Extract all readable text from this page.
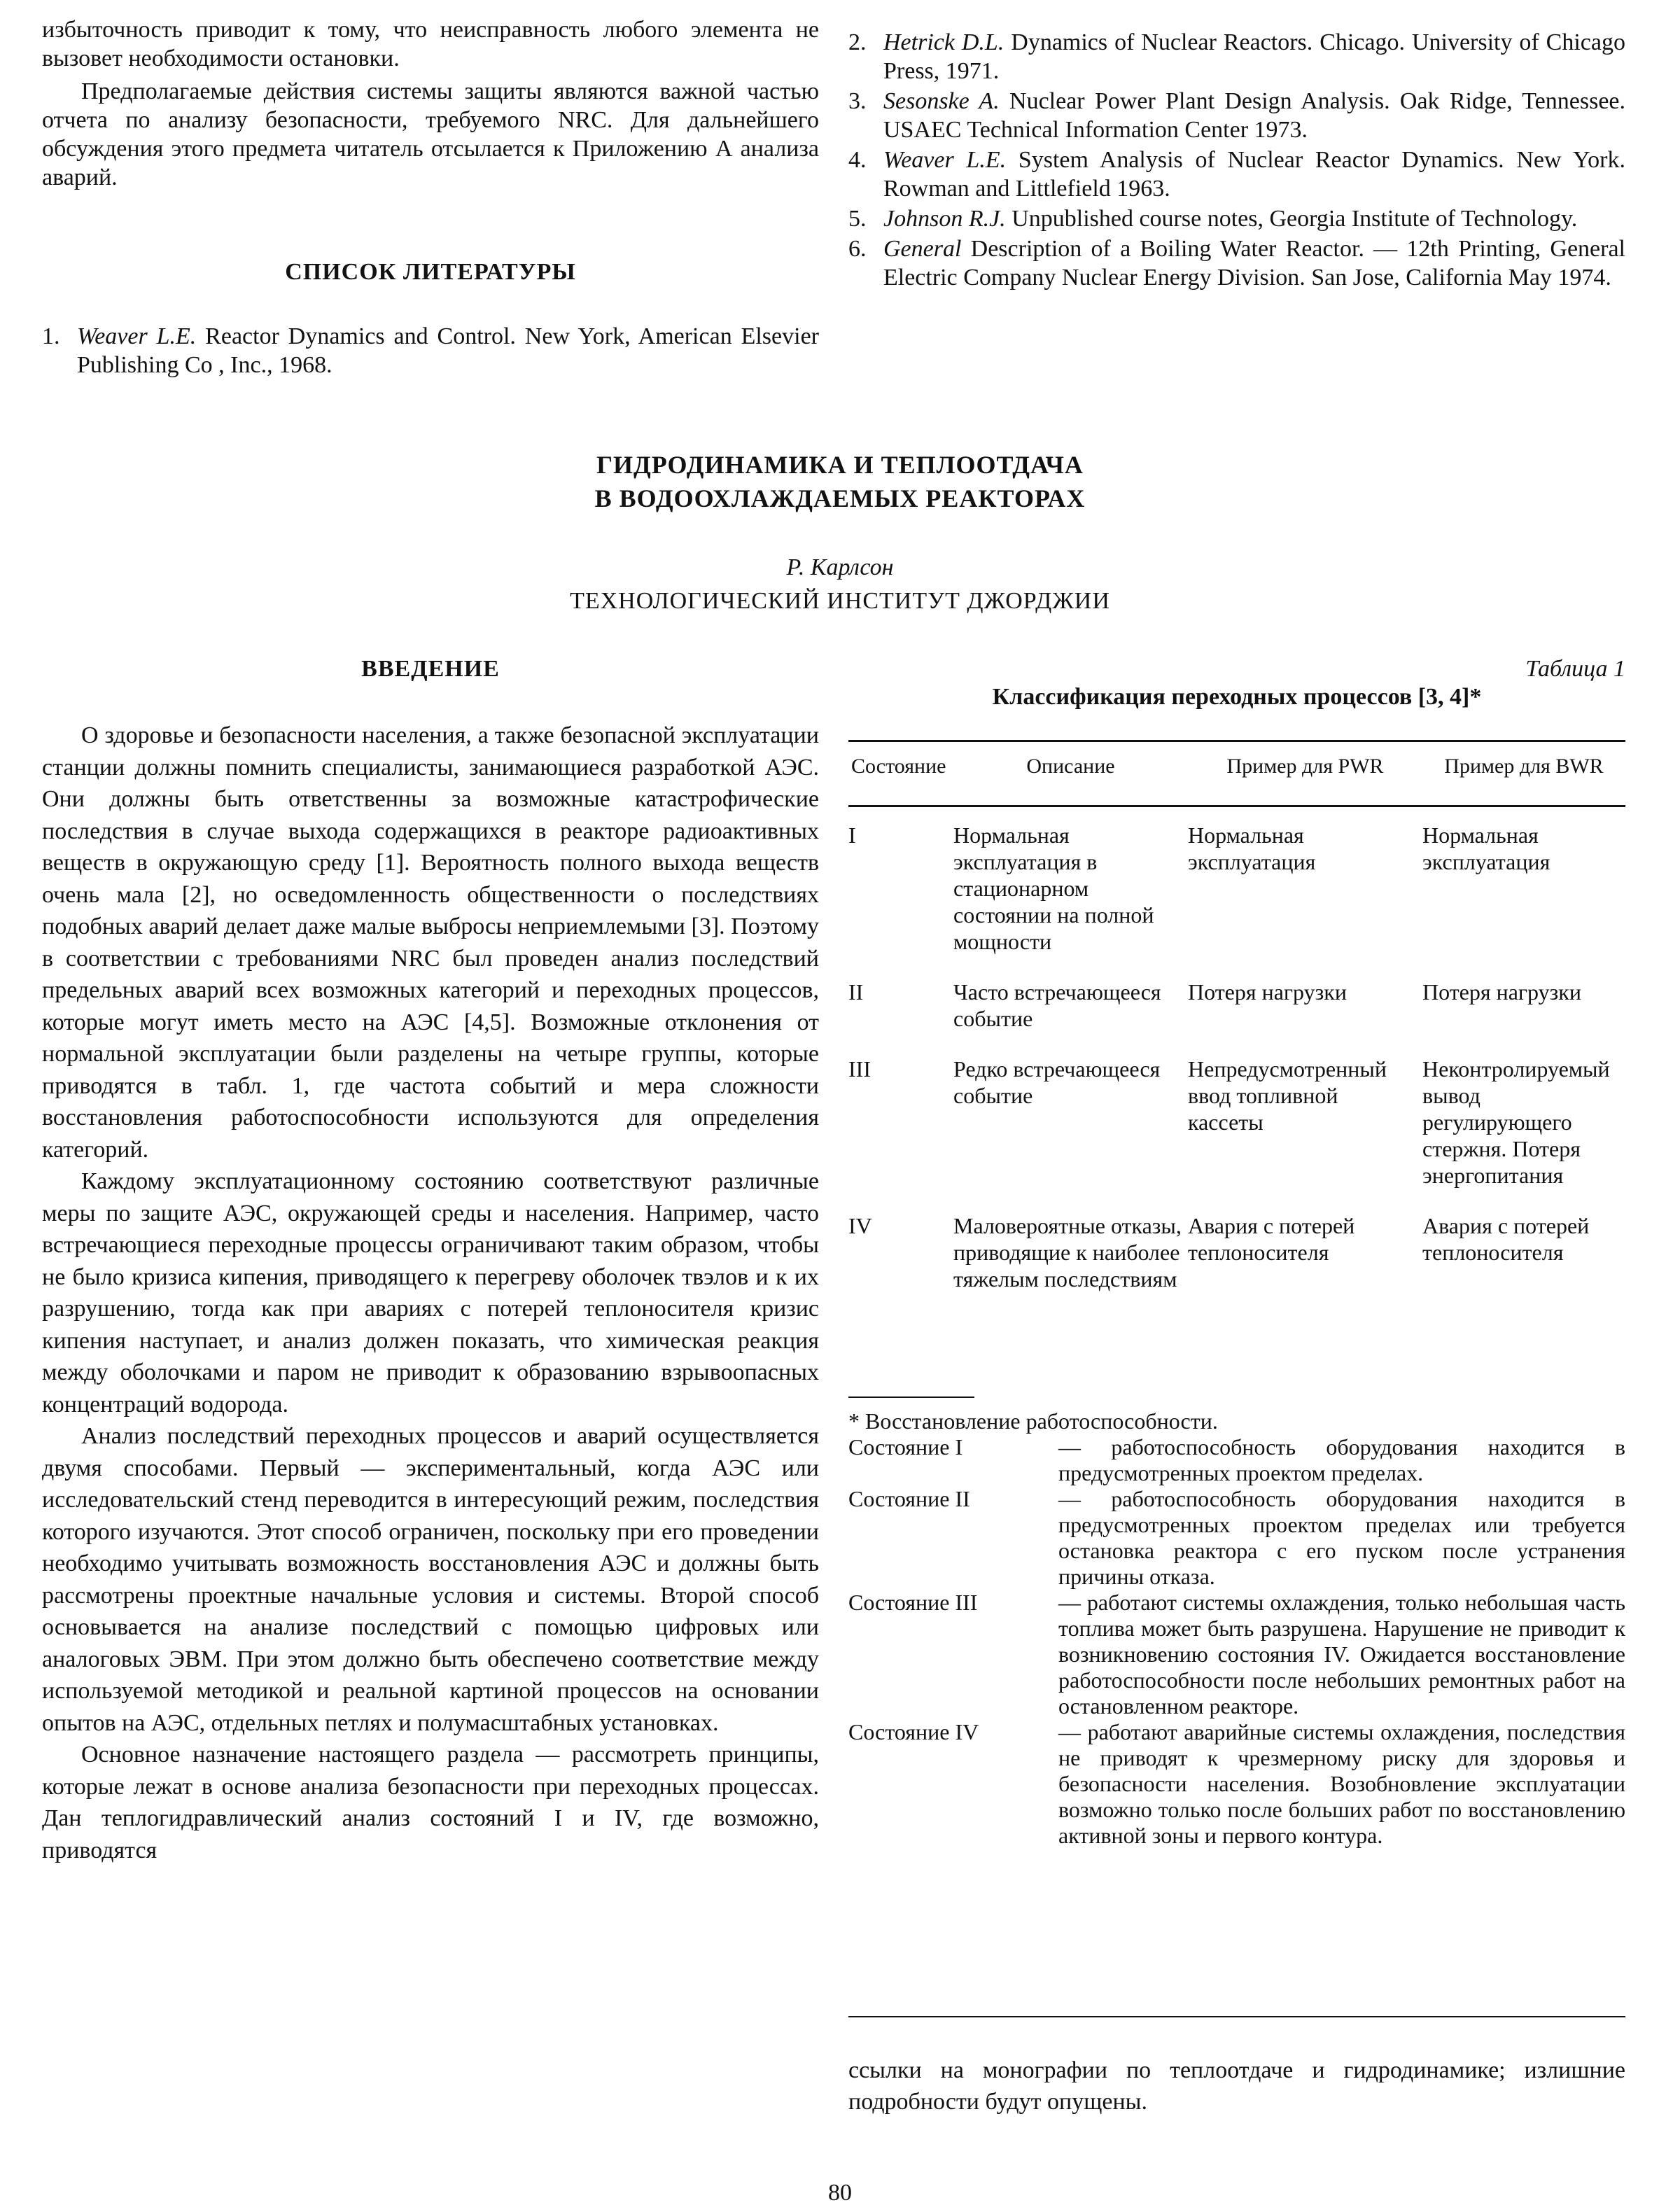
избыточность приводит к тому, что неисправность любого элемента не вызовет необходимости остановки.

Предполагаемые действия системы защиты являются важной частью отчета по анализу безопасности, требуемого NRC. Для дальнейшего обсуждения этого предмета читатель отсылается к Приложению А анализа аварий.

СПИСОК ЛИТЕРАТУРЫ
1. Weaver L.E. Reactor Dynamics and Control. New York, American Elsevier Publishing Co , Inc., 1968.
2. Hetrick D.L. Dynamics of Nuclear Reactors. Chicago. University of Chicago Press, 1971.
3. Sesonske A. Nuclear Power Plant Design Analysis. Oak Ridge, Tennessee. USAEC Technical Information Center 1973.
4. Weaver L.E. System Analysis of Nuclear Reactor Dynamics. New York. Rowman and Littlefield 1963.
5. Johnson R.J. Unpublished course notes, Georgia Institute of Technology.
6. General Description of a Boiling Water Reactor. — 12th Printing, General Electric Company Nuclear Energy Division. San Jose, California May 1974.
ГИДРОДИНАМИКА И ТЕПЛООТДАЧА
В ВОДООХЛАЖДАЕМЫХ РЕАКТОРАХ
Р. Карлсон
ТЕХНОЛОГИЧЕСКИЙ ИНСТИТУТ ДЖОРДЖИИ
ВВЕДЕНИЕ

О здоровье и безопасности населения, а также безопасной эксплуатации станции должны помнить специалисты, занимающиеся разработкой АЭС. Они должны быть ответственны за возможные катастрофические последствия в случае выхода содержащихся в реакторе радиоактивных веществ в окружающую среду [1]. Вероятность полного выхода веществ очень мала [2], но осведомленность общественности о последствиях подобных аварий делает даже малые выбросы неприемлемыми [3]. Поэтому в соответствии с требованиями NRC был проведен анализ последствий предельных аварий всех возможных категорий и переходных процессов, которые могут иметь место на АЭС [4,5]. Возможные отклонения от нормальной эксплуатации были разделены на четыре группы, которые приводятся в табл. 1, где частота событий и мера сложности восстановления работоспособности используются для определения категорий.

Каждому эксплуатационному состоянию соответствуют различные меры по защите АЭС, окружающей среды и населения. Например, часто встречающиеся переходные процессы ограничивают таким образом, чтобы не было кризиса кипения, приводящего к перегреву оболочек твэлов и к их разрушению, тогда как при авариях с потерей теплоносителя кризис кипения наступает, и анализ должен показать, что химическая реакция между оболочками и паром не приводит к образованию взрывоопасных концентраций водорода.

Анализ последствий переходных процессов и аварий осуществляется двумя способами. Первый — экспериментальный, когда АЭС или исследовательский стенд переводится в интересующий режим, последствия которого изучаются. Этот способ ограничен, поскольку при его проведении необходимо учитывать возможность восстановления АЭС и должны быть рассмотрены проектные начальные условия и системы. Второй способ основывается на анализе последствий с помощью цифровых или аналоговых ЭВМ. При этом должно быть обеспечено соответствие между используемой методикой и реальной картиной процессов на основании опытов на АЭС, отдельных петлях и полумасштабных установках.

Основное назначение настоящего раздела — рассмотреть принципы, которые лежат в основе анализа безопасности при переходных процессах. Дан теплогидравлический анализ состояний I и IV, где возможно, приводятся

Таблица 1
Классификация переходных процессов [3, 4]*
Состояние	Описание	Пример для PWR	Пример для BWR

I	Нормальная эксплуатация в стационарном состоянии на полной мощности	Нормальная эксплуатация	Нормальная эксплуатация
II	Часто встречающееся событие	Потеря нагрузки	Потеря нагрузки
III	Редко встречающееся событие	Непредусмотренный ввод топливной кассеты	Неконтролируемый вывод регулирующего стержня. Потеря энергопитания
IV	Маловероятные отказы, приводящие к наиболее тяжелым последствиям	Авария с потерей теплоносителя	Авария с потерей теплоносителя
* Восстановление работоспособности.
Состояние I	— работоспособность оборудования находится в предусмотренных проектом пределах.
Состояние II	— работоспособность оборудования находится в предусмотренных проектом пределах или требуется остановка реактора с его пуском после устранения причины отказа.
Состояние III	— работают системы охлаждения, только небольшая часть топлива может быть разрушена. Нарушение не приводит к возникновению состояния IV. Ожидается восстановление работоспособности после небольших ремонтных работ на остановленном реакторе.
Состояние IV	— работают аварийные системы охлаждения, последствия не приводят к чрезмерному риску для здоровья и безопасности населения. Возобновление эксплуатации возможно только после больших работ по восстановлению активной зоны и первого контура.

ссылки на монографии по теплоотдаче и гидродинамике; излишние подробности будут опущены.

80
